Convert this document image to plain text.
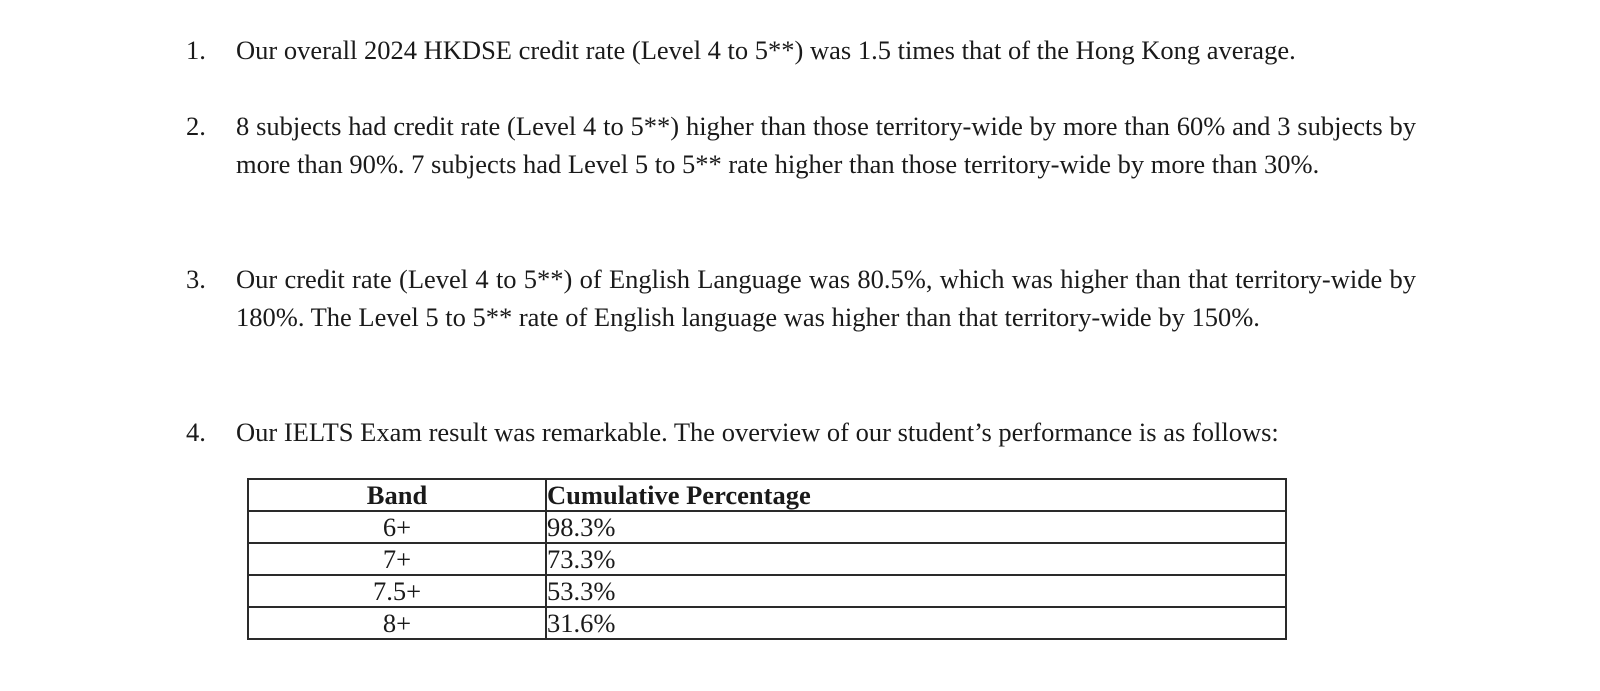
1. Our overall 2024 HKDSE credit rate (Level 4 to 5**) was 1.5 times that of the Hong Kong average.
2. 8 subjects had credit rate (Level 4 to 5**) higher than those territory-wide by more than 60% and 3 subjects by more than 90%. 7 subjects had Level 5 to 5** rate higher than those territory-wide by more than 30%.
3. Our credit rate (Level 4 to 5**) of English Language was 80.5%, which was higher than that territory-wide by 180%. The Level 5 to 5** rate of English language was higher than that territory-wide by 150%.
4. Our IELTS Exam result was remarkable. The overview of our student’s performance is as follows:
Band	Cumulative Percentage
6+	98.3%
7+	73.3%
7.5+	53.3%
8+	31.6%
